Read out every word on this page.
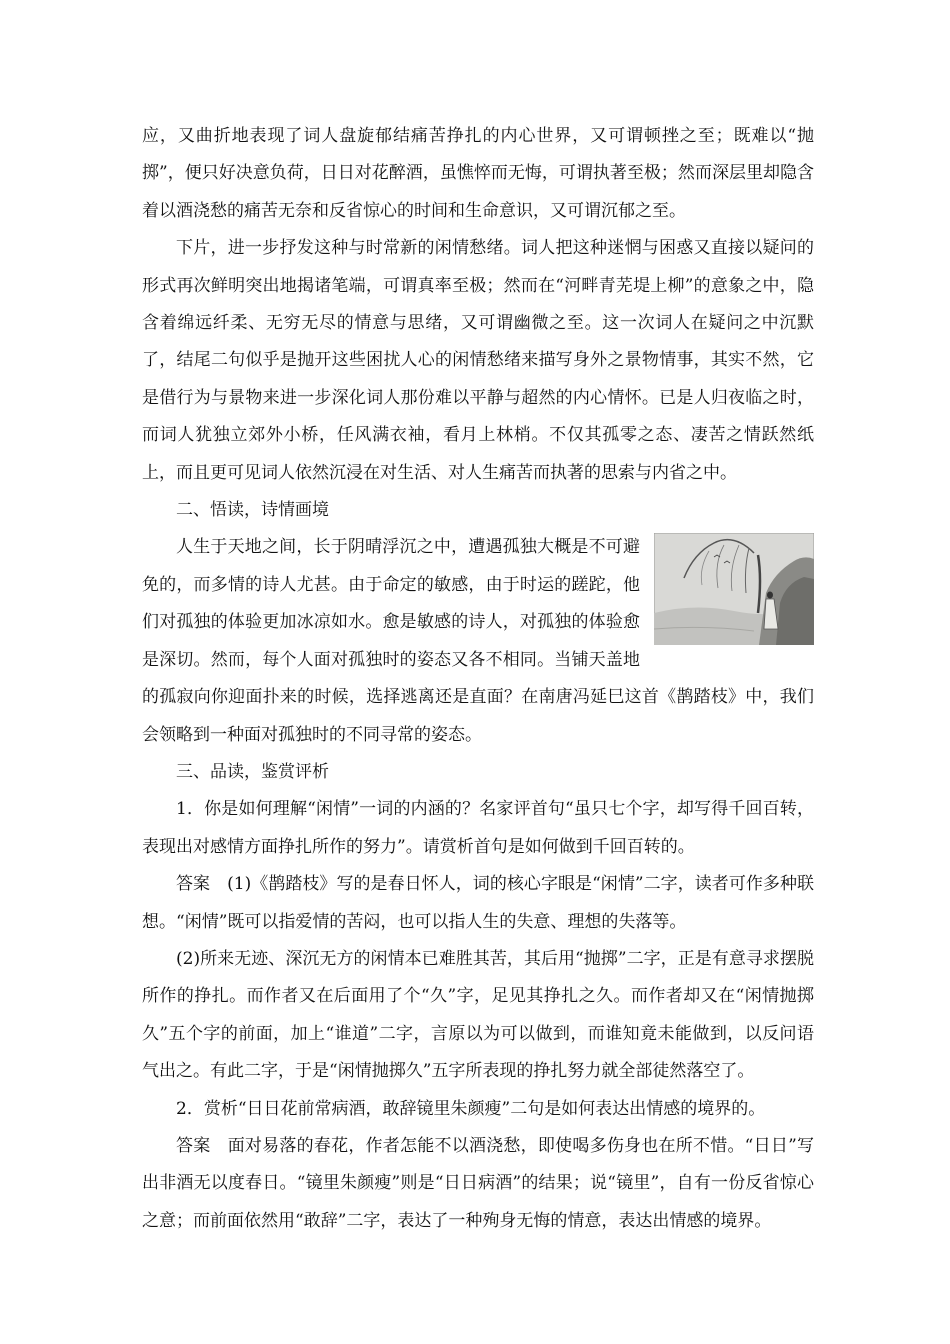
应，又曲折地表现了词人盘旋郁结痛苦挣扎的内心世界，又可谓顿挫之至；既难以“抛掷”，便只好决意负荷，日日对花醉酒，虽憔悴而无悔，可谓执著至极；然而深层里却隐含着以酒浇愁的痛苦无奈和反省惊心的时间和生命意识，又可谓沉郁之至。

下片，进一步抒发这种与时常新的闲情愁绪。词人把这种迷惘与困惑又直接以疑问的形式再次鲜明突出地揭诸笔端，可谓真率至极；然而在“河畔青芜堤上柳”的意象之中，隐含着绵远纤柔、无穷无尽的情意与思绪，又可谓幽微之至。这一次词人在疑问之中沉默了，结尾二句似乎是抛开这些困扰人心的闲情愁绪来描写身外之景物情事，其实不然，它是借行为与景物来进一步深化词人那份难以平静与超然的内心情怀。已是人归夜临之时，而词人犹独立郊外小桥，任风满衣袖，看月上林梢。不仅其孤零之态、凄苦之情跃然纸上，而且更可见词人依然沉浸在对生活、对人生痛苦而执著的思索与内省之中。

二、悟读，诗情画境

人生于天地之间，长于阴晴浮沉之中，遭遇孤独大概是不可避免的，而多情的诗人尤甚。由于命定的敏感，由于时运的蹉跎，他们对孤独的体验更加冰凉如水。愈是敏感的诗人，对孤独的体验愈是深切。然而，每个人面对孤独时的姿态又各不相同。当铺天盖地的孤寂向你迎面扑来的时候，选择逃离还是直面？在南唐冯延巳这首《鹊踏枝》中，我们会领略到一种面对孤独时的不同寻常的姿态。

三、品读，鉴赏评析

1．你是如何理解“闲情”一词的内涵的？名家评首句“虽只七个字，却写得千回百转，表现出对感情方面挣扎所作的努力”。请赏析首句是如何做到千回百转的。

答案　(1)《鹊踏枝》写的是春日怀人，词的核心字眼是“闲情”二字，读者可作多种联想。“闲情”既可以指爱情的苦闷，也可以指人生的失意、理想的失落等。

(2)所来无迹、深沉无方的闲情本已难胜其苦，其后用“抛掷”二字，正是有意寻求摆脱所作的挣扎。而作者又在后面用了个“久”字，足见其挣扎之久。而作者却又在“闲情抛掷久”五个字的前面，加上“谁道”二字，言原以为可以做到，而谁知竟未能做到，以反问语气出之。有此二字，于是“闲情抛掷久”五字所表现的挣扎努力就全部徒然落空了。

2．赏析“日日花前常病酒，敢辞镜里朱颜瘦”二句是如何表达出情感的境界的。

答案　面对易落的春花，作者怎能不以酒浇愁，即使喝多伤身也在所不惜。“日日”写出非酒无以度春日。“镜里朱颜瘦”则是“日日病酒”的结果；说“镜里”，自有一份反省惊心之意；而前面依然用“敢辞”二字，表达了一种殉身无悔的情意，表达出情感的境界。
